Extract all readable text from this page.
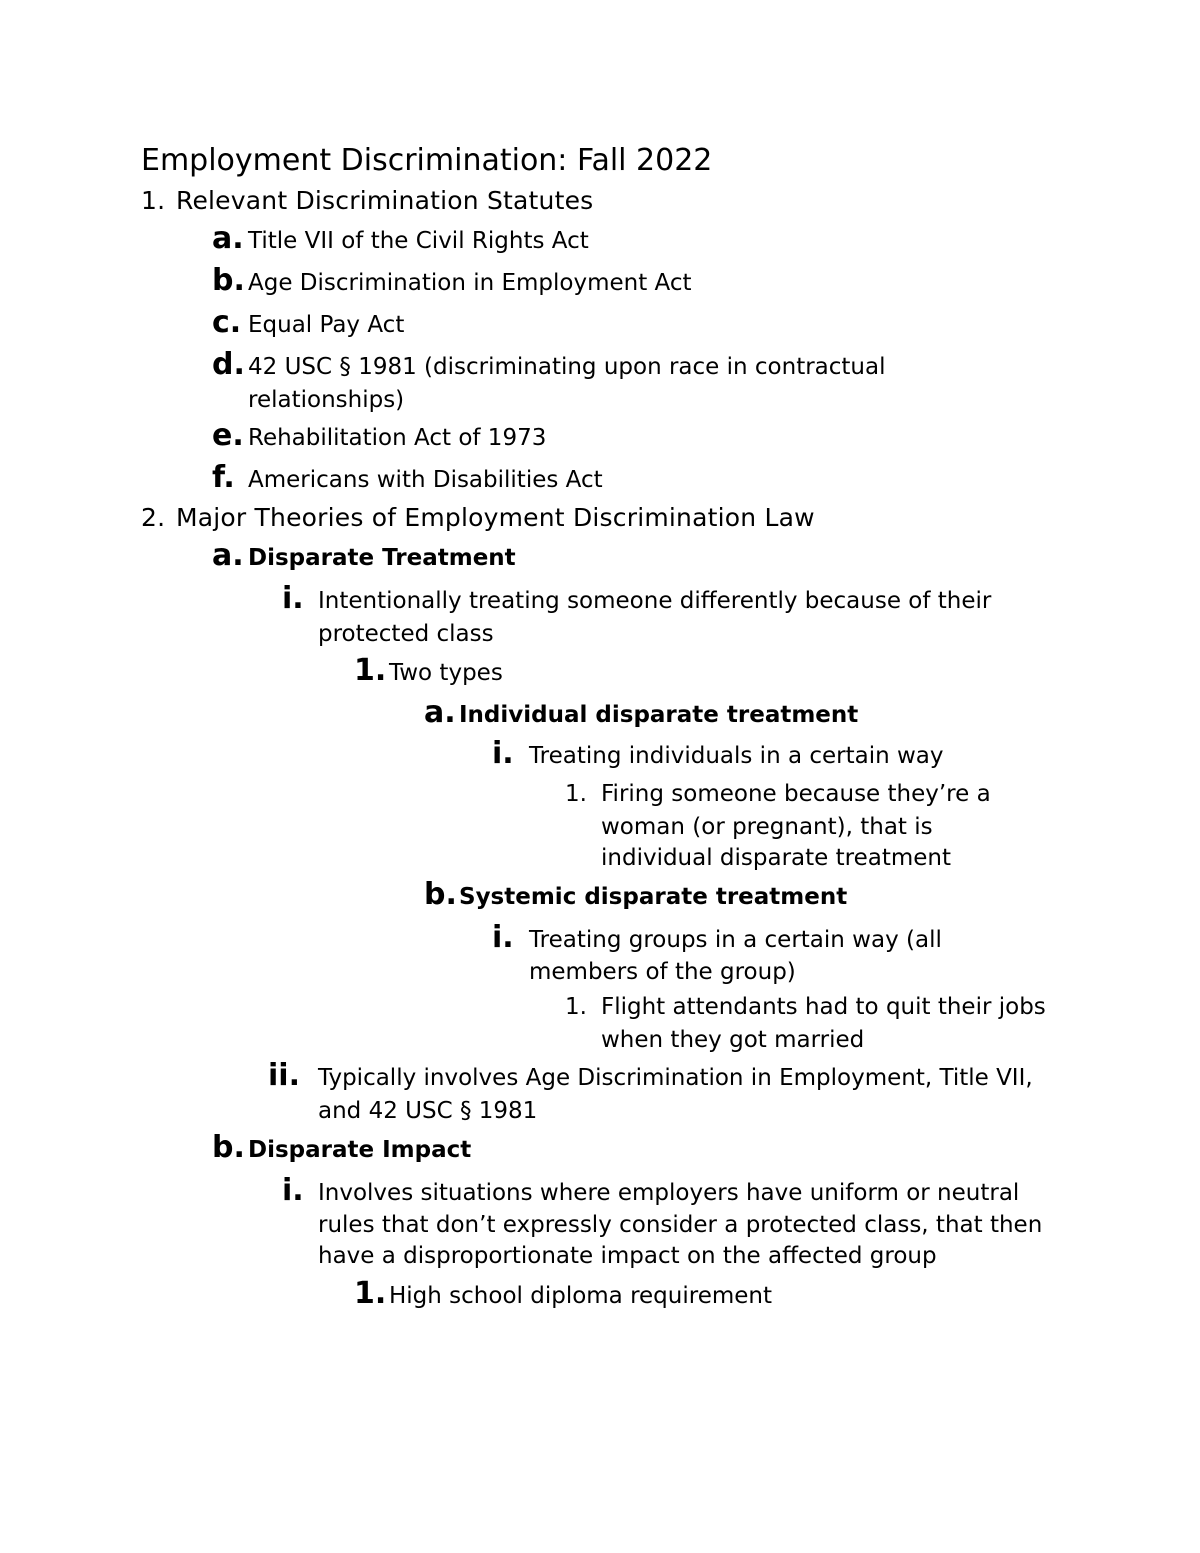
Employment Discrimination: Fall 2022
1. Relevant Discrimination Statutes
a. Title VII of the Civil Rights Act
b. Age Discrimination in Employment Act
c. Equal Pay Act
d. 42 USC § 1981 (discriminating upon race in contractual
relationships)
e. Rehabilitation Act of 1973
f. Americans with Disabilities Act
2. Major Theories of Employment Discrimination Law
a. Disparate Treatment
i. Intentionally treating someone differently because of their
protected class
1. Two types
a. Individual disparate treatment
i. Treating individuals in a certain way
1. Firing someone because they’re a
woman (or pregnant), that is
individual disparate treatment
b. Systemic disparate treatment
i. Treating groups in a certain way (all
members of the group)
1. Flight attendants had to quit their jobs
when they got married
ii. Typically involves Age Discrimination in Employment, Title VII,
and 42 USC § 1981
b. Disparate Impact
i. Involves situations where employers have uniform or neutral
rules that don’t expressly consider a protected class, that then
have a disproportionate impact on the affected group
1. High school diploma requirement
